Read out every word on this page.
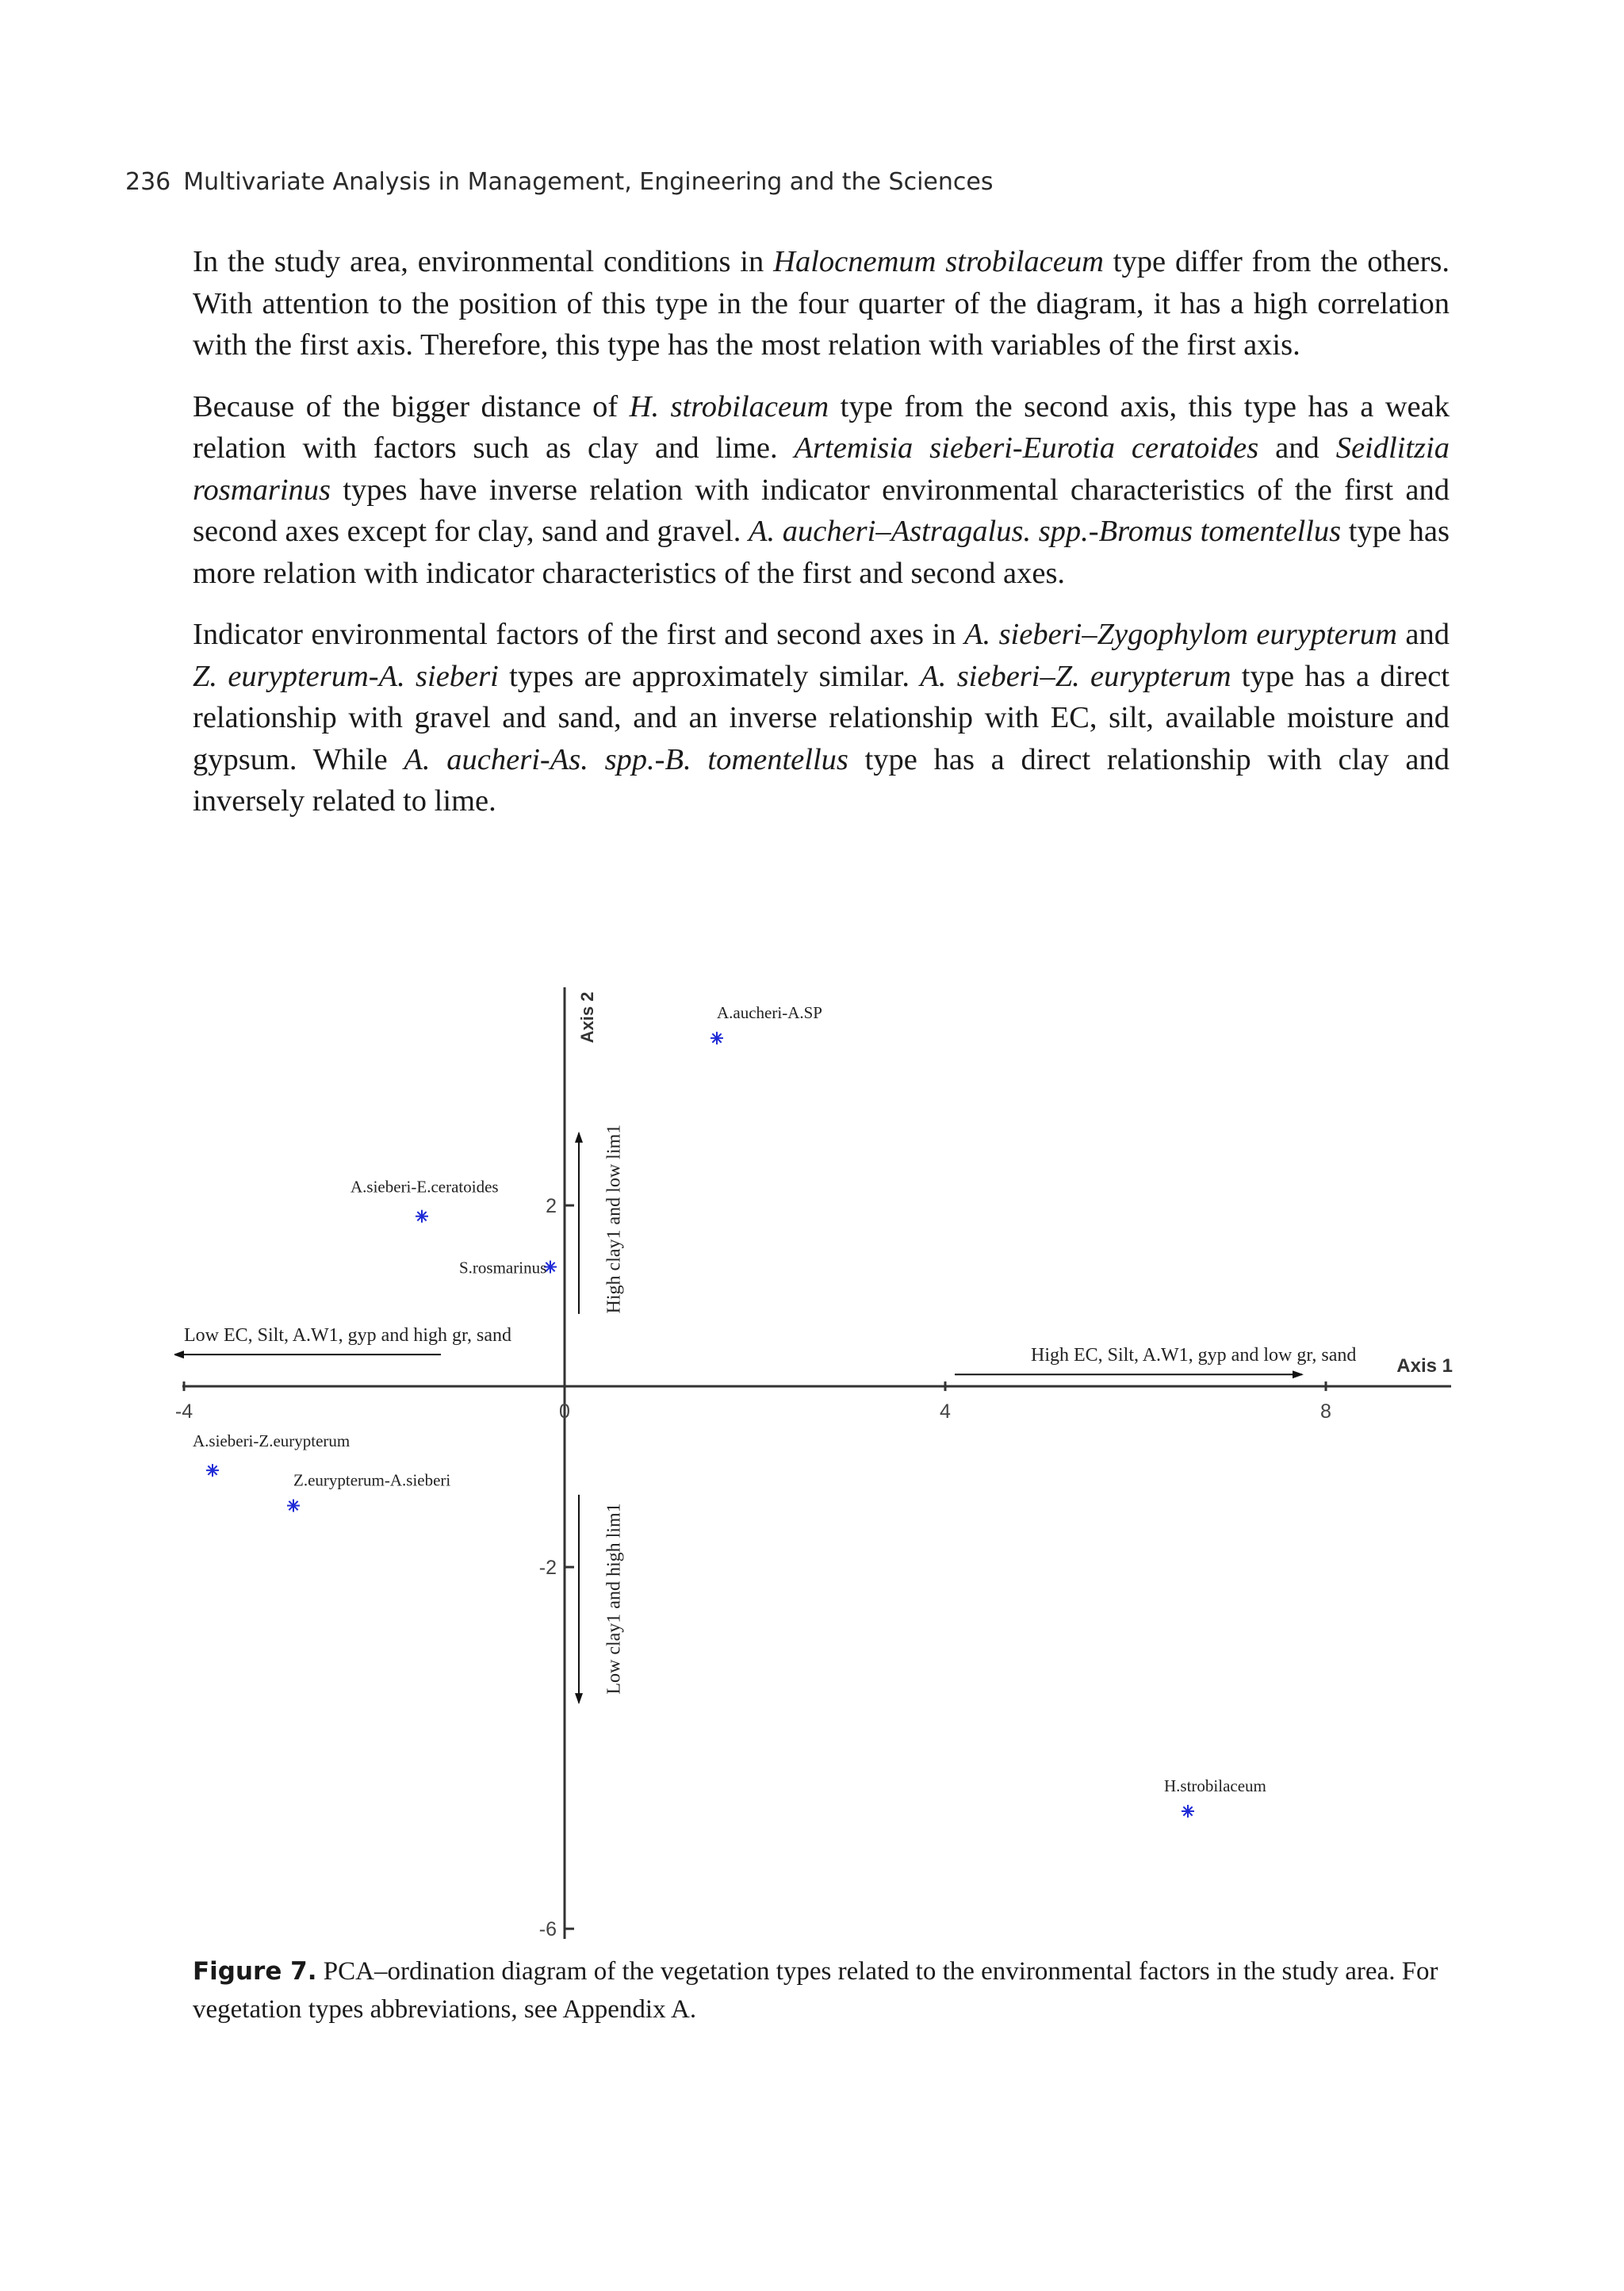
236 Multivariate Analysis in Management, Engineering and the Sciences

In the study area, environmental conditions in Halocnemum strobilaceum type differ from the others. With attention to the position of this type in the four quarter of the diagram, it has a high correlation with the first axis. Therefore, this type has the most relation with variables of the first axis.

Because of the bigger distance of H. strobilaceum type from the second axis, this type has a weak relation with factors such as clay and lime. Artemisia sieberi-Eurotia ceratoides and Seidlitzia rosmarinus types have inverse relation with indicator environmental characteristics of the first and second axes except for clay, sand and gravel. A. aucheri–Astragalus. spp.-Bromus tomentellus type has more relation with indicator characteristics of the first and second axes.

Indicator environmental factors of the first and second axes in A. sieberi–Zygophylom eurypterum and Z. eurypterum-A. sieberi types are approximately similar. A. sieberi–Z. eurypterum type has a direct relationship with gravel and sand, and an inverse relationship with EC, silt, available moisture and gypsum. While A. aucheri-As. spp.-B. tomentellus type has a direct relationship with clay and inversely related to lime.

-4	0	4	8
2
-2
-6
Axis 1
Axis 2
High EC, Silt, A.W1, gyp and low gr, sand
Low EC, Silt, A.W1, gyp and high gr, sand
High clay1 and low lim1
Low clay1 and high lim1
A.aucheri-A.SP
A.sieberi-E.ceratoides
S.rosmarinus
A.sieberi-Z.eurypterum
Z.eurypterum-A.sieberi
H.strobilaceum
Figure 7. PCA–ordination diagram of the vegetation types related to the environmental factors in the study area. For vegetation types abbreviations, see Appendix A.
